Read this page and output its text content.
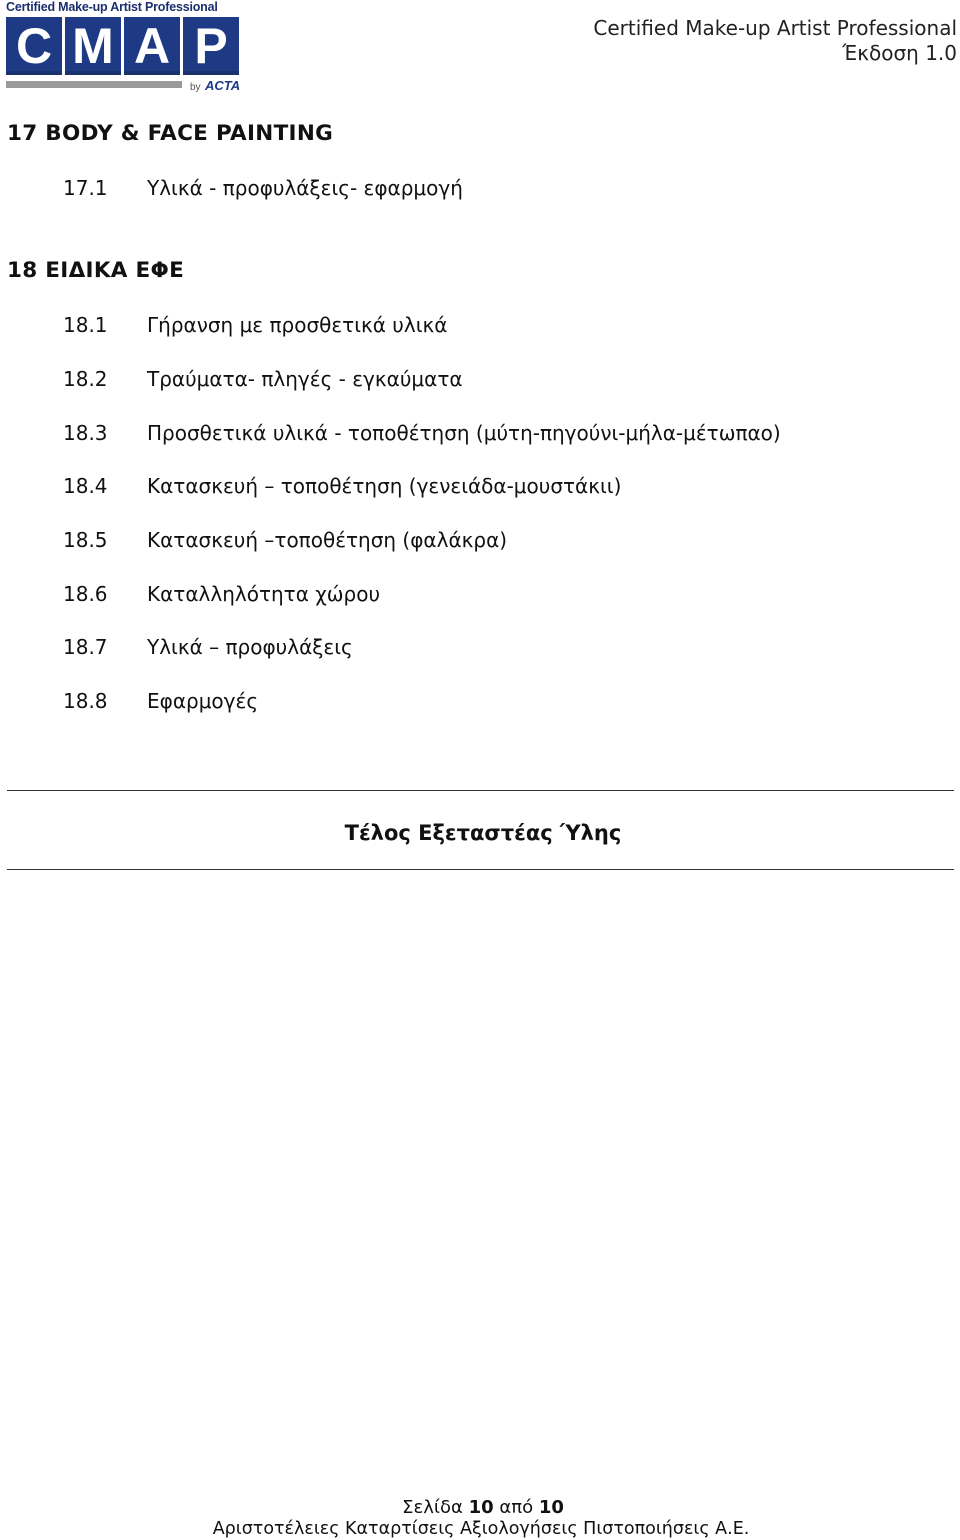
Certified Make-up Artist Professional
C M A P
by ACTA
Certified Make-up Artist Professional
Έκδοση 1.0
17 BODY & FACE PAINTING
17.1 Υλικά - προφυλάξεις- εφαρμογή
18 ΕΙΔΙΚΑ ΕΦΕ
18.1 Γήρανση με προσθετικά υλικά
18.2 Τραύματα- πληγές - εγκαύματα
18.3 Προσθετικά υλικά - τοποθέτηση (μύτη-πηγούνι-μήλα-μέτωπαο)
18.4 Κατασκευή – τοποθέτηση (γενειάδα-μουστάκιι)
18.5 Κατασκευή –τοποθέτηση (φαλάκρα)
18.6 Καταλληλότητα χώρου
18.7 Υλικά – προφυλάξεις
18.8 Εφαρμογές
Τέλος Εξεταστέας Ύλης
Σελίδα 10 από 10
Αριστοτέλειες Καταρτίσεις Αξιολογήσεις Πιστοποιήσεις Α.Ε.
